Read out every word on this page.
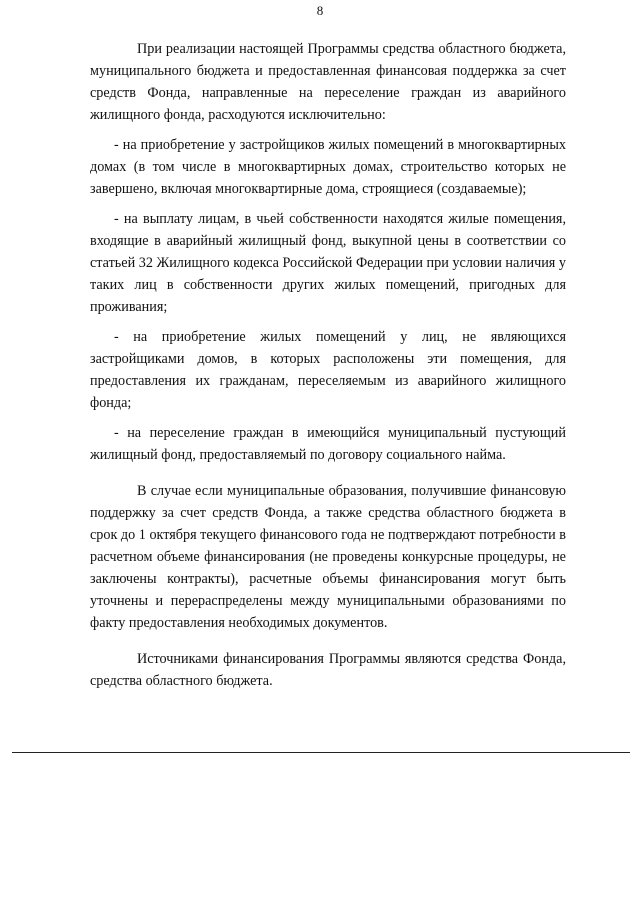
8

При реализации настоящей Программы средства областного бюджета, муниципального бюджета и предоставленная финансовая поддержка за счет средств Фонда, направленные на переселение граждан из аварийного жилищного фонда, расходуются исключительно:

- на приобретение у застройщиков жилых помещений в многоквартирных домах (в том числе в многоквартирных домах, строительство которых не завершено, включая многоквартирные дома, строящиеся (создаваемые);

- на выплату лицам, в чьей собственности находятся жилые помещения, входящие в аварийный жилищный фонд, выкупной цены в соответствии со статьей 32 Жилищного кодекса Российской Федерации при условии наличия у таких лиц в собственности других жилых помещений, пригодных для проживания;

- на приобретение жилых помещений у лиц, не являющихся застройщиками домов, в которых расположены эти помещения, для предоставления их гражданам, переселяемым из аварийного жилищного фонда;

- на переселение граждан в имеющийся муниципальный пустующий жилищный фонд, предоставляемый по договору социального найма.

В случае если муниципальные образования, получившие финансовую поддержку за счет средств Фонда, а также средства областного бюджета в срок до 1 октября текущего финансового года не подтверждают потребности в расчетном объеме финансирования (не проведены конкурсные процедуры, не заключены контракты), расчетные объемы финансирования могут быть уточнены и перераспределены между муниципальными образованиями по факту предоставления необходимых документов.

Источниками финансирования Программы являются средства Фонда, средства областного бюджета.
